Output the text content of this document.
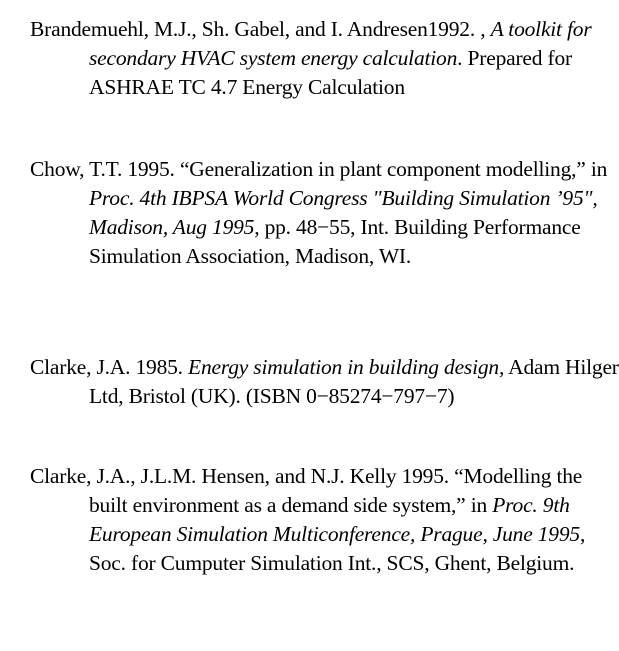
Brandemuehl, M.J., Sh. Gabel, and I. Andresen1992. , A toolkit for secondary HVAC system energy calculation. Prepared for ASHRAE TC 4.7 Energy Calculation

Chow, T.T. 1995. “Generalization in plant component modelling,” in Proc. 4th IBPSA World Congress "Building Simulation ’95", Madison, Aug 1995, pp. 48−55, Int. Building Performance Simulation Association, Madison, WI.

Clarke, J.A. 1985. Energy simulation in building design, Adam Hilger Ltd, Bristol (UK). (ISBN 0−85274−797−7)

Clarke, J.A., J.L.M. Hensen, and N.J. Kelly 1995. “Modelling the built environment as a demand side system,” in Proc. 9th European Simulation Multiconference, Prague, June 1995, Soc. for Cumputer Simulation Int., SCS, Ghent, Belgium.
